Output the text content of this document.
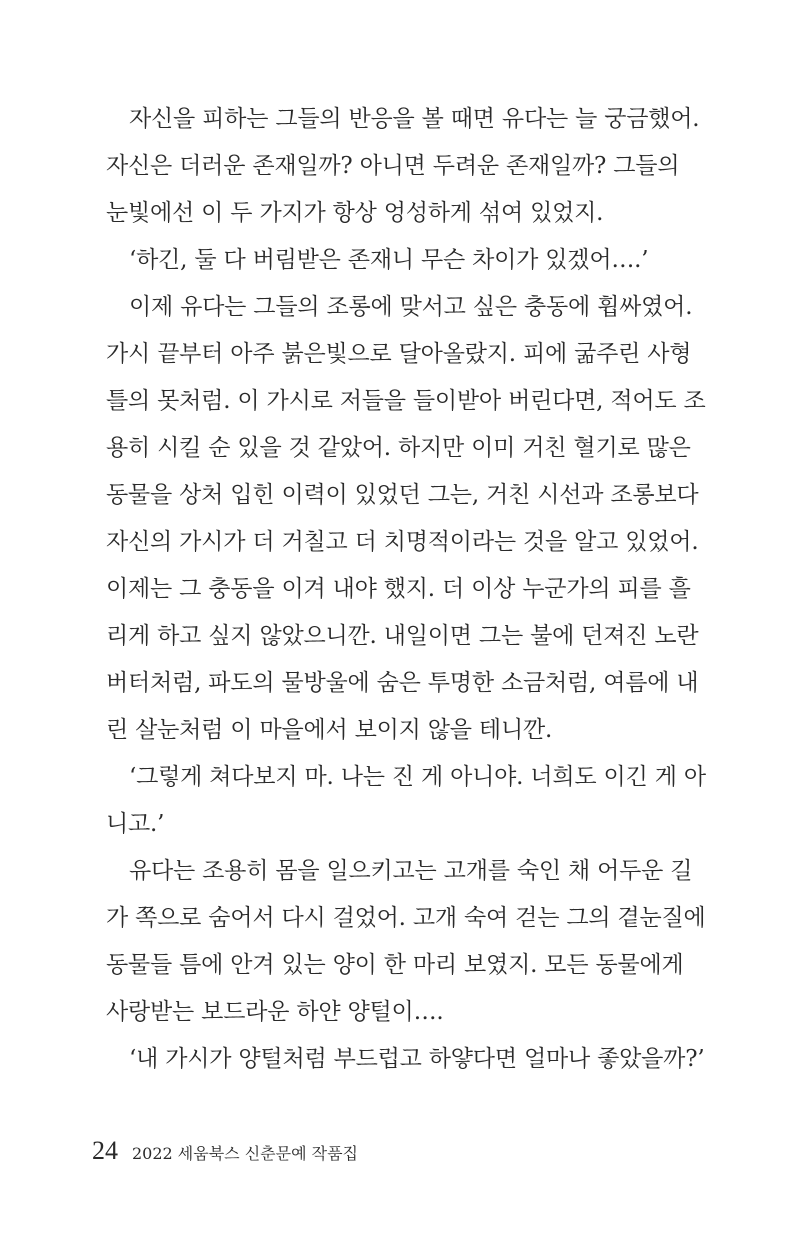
자신을 피하는 그들의 반응을 볼 때면 유다는 늘 궁금했어.
자신은 더러운 존재일까? 아니면 두려운 존재일까? 그들의
눈빛에선 이 두 가지가 항상 엉성하게 섞여 있었지.
‘하긴, 둘 다 버림받은 존재니 무슨 차이가 있겠어….’
이제 유다는 그들의 조롱에 맞서고 싶은 충동에 휩싸였어.
가시 끝부터 아주 붉은빛으로 달아올랐지. 피에 굶주린 사형
틀의 못처럼. 이 가시로 저들을 들이받아 버린다면, 적어도 조
용히 시킬 순 있을 것 같았어. 하지만 이미 거친 혈기로 많은
동물을 상처 입힌 이력이 있었던 그는, 거친 시선과 조롱보다
자신의 가시가 더 거칠고 더 치명적이라는 것을 알고 있었어.
이제는 그 충동을 이겨 내야 했지. 더 이상 누군가의 피를 흘
리게 하고 싶지 않았으니깐. 내일이면 그는 불에 던져진 노란
버터처럼, 파도의 물방울에 숨은 투명한 소금처럼, 여름에 내
린 살눈처럼 이 마을에서 보이지 않을 테니깐.
‘그렇게 쳐다보지 마. 나는 진 게 아니야. 너희도 이긴 게 아
니고.’
유다는 조용히 몸을 일으키고는 고개를 숙인 채 어두운 길
가 쪽으로 숨어서 다시 걸었어. 고개 숙여 걷는 그의 곁눈질에
동물들 틈에 안겨 있는 양이 한 마리 보였지. 모든 동물에게
사랑받는 보드라운 하얀 양털이….
‘내 가시가 양털처럼 부드럽고 하얗다면 얼마나 좋았을까?’
24 2022 세움북스 신춘문예 작품집
